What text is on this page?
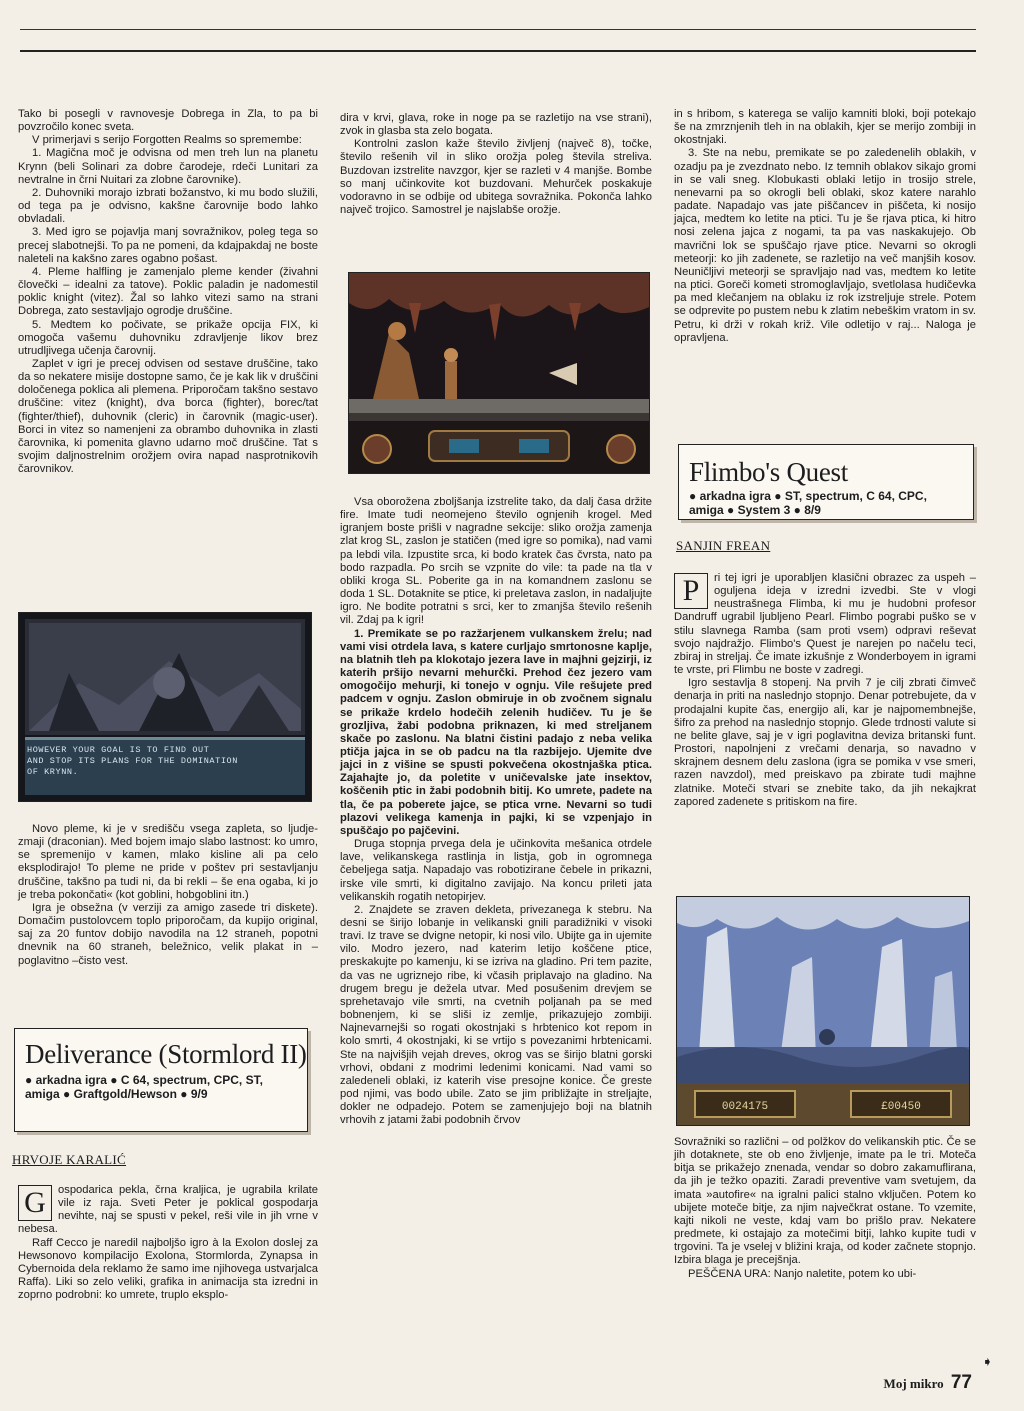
Tako bi posegli v ravnovesje Dobrega in Zla, to pa bi povzročilo konec sveta.

V primerjavi s serijo Forgotten Realms so spremembe:

1. Magična moč je odvisna od men treh lun na planetu Krynn (beli Solinari za dobre čarodeje, rdeči Lunitari za nevtralne in črni Nuitari za zlobne čarovnike).

2. Duhovniki morajo izbrati božanstvo, ki mu bodo služili, od tega pa je odvisno, kakšne čarovnije bodo lahko obvladali.

3. Med igro se pojavlja manj sovražnikov, poleg tega so precej slabotnejši. To pa ne pomeni, da kdajpakdaj ne boste naleteli na kakšno zares ogabno pošast.

4. Pleme halfling je zamenjalo pleme kender (živahni človečki – idealni za tatove). Poklic paladin je nadomestil poklic knight (vitez). Žal so lahko vitezi samo na strani Dobrega, zato sestavljajo ogrodje druščine.

5. Medtem ko počivate, se prikaže opcija FIX, ki omogoča vašemu duhovniku zdravljenje likov brez utrudljivega učenja čarovnij.

Zaplet v igri je precej odvisen od sestave druščine, tako da so nekatere misije dostopne samo, če je kak lik v druščini določenega poklica ali plemena. Priporočam takšno sestavo druščine: vitez (knight), dva borca (fighter), borec/tat (fighter/thief), duhovnik (cleric) in čarovnik (magic-user). Borci in vitez so namenjeni za obrambo duhovnika in zlasti čarovnika, ki pomenita glavno udarno moč druščine. Tat s svojim daljnostrelnim orožjem ovira napad nasprotnikovih čarovnikov.

HOWEVER YOUR GOAL IS TO FIND OUT
AND STOP ITS PLANS FOR THE DOMINATION
OF KRYNN.

Novo pleme, ki je v središču vsega zapleta, so ljudje-zmaji (draconian). Med bojem imajo slabo lastnost: ko umro, se spremenijo v kamen, mlako kisline ali pa celo eksplodirajo! To pleme ne pride v poštev pri sestavljanju druščine, takšno pa tudi ni, da bi rekli – še ena ogaba, ki jo je treba pokončati« (kot goblini, hobgoblini itn.)

Igra je obsežna (v verziji za amigo zasede tri diskete). Domačim pustolovcem toplo priporočam, da kupijo original, saj za 20 funtov dobijo navodila na 12 straneh, popotni dnevnik na 60 straneh, beležnico, velik plakat in – poglavitno –čisto vest.

Deliverance (Stormlord II)
● arkadna igra ● C 64, spectrum, CPC, ST,
amiga ● Graftgold/Hewson ● 9/9
HRVOJE KARALIĆ
G	ospodarica pekla, črna kraljica, je ugrabila krilate vile iz raja. Sveti Peter je poklical gospodarja nevihte, naj se spusti v pekel, reši vile in jih vrne v nebesa.

Raff Cecco je naredil najboljšo igro à la Exolon doslej za Hewsonovo kompilacijo Exolona, Stormlorda, Zynapsa in Cybernoida dela reklamo že samo ime njihovega ustvarjalca Raffa). Liki so zelo veliki, grafika in animacija sta izredni in zoprno podrobni: ko umrete, truplo eksplo-

dira v krvi, glava, roke in noge pa se razletijo na vse strani), zvok in glasba sta zelo bogata.

Kontrolni zaslon kaže število življenj (največ 8), točke, število rešenih vil in sliko orožja poleg števila streliva. Buzdovan izstrelite navzgor, kjer se razleti v 4 manjše. Bombe so manj učinkovite kot buzdovani. Mehurček poskakuje vodoravno in se odbije od ubitega sovražnika. Pokonča lahko največ trojico. Samostrel je najslabše orožje.

Vsa oborožena zboljšanja izstrelite tako, da dalj časa držite fire. Imate tudi neomejeno število ognjenih krogel. Med igranjem boste prišli v nagradne sekcije: sliko orožja zamenja zlat krog SL, zaslon je statičen (med igre so pomika), nad vami pa lebdi vila. Izpustite srca, ki bodo kratek čas čvrsta, nato pa bodo razpadla. Po srcih se vzpnite do vile: ta pade na tla v obliki kroga SL. Poberite ga in na komandnem zaslonu se doda 1 SL. Dotaknite se ptice, ki preletava zaslon, in nadaljujte igro. Ne bodite potratni s srci, ker to zmanjša število rešenih vil. Zdaj pa k igri!

1. Premikate se po razžarjenem vulkanskem žrelu; nad vami visi otrdela lava, s katere curljajo smrtonosne kaplje, na blatnih tleh pa klokotajo jezera lave in majhni gejzirji, iz katerih pršijo nevarni mehurčki. Prehod čez jezero vam omogočijo mehurji, ki tonejo v ognju. Vile rešujete pred padcem v ognju. Zaslon obmiruje in ob zvočnem signalu se prikaže krdelo hodečih zelenih hudičev. Tu je še grozljiva, žabi podobna priknazen, ki med streljanem skače po zaslonu. Na blatni čistini padajo z neba velika ptičja jajca in se ob padcu na tla razbijejo. Ujemite dve jajci in z višine se spusti pokvečena okostnjaška ptica. Zajahajte jo, da poletite v uničevalske jate insektov, koščenih ptic in žabi podobnih bitij. Ko umrete, padete na tla, če pa poberete jajce, se ptica vrne. Nevarni so tudi plazovi velikega kamenja in pajki, ki se vzpenjajo in spuščajo po pajčevini.

Druga stopnja prvega dela je učinkovita mešanica otrdele lave, velikanskega rastlinja in listja, gob in ogromnega čebeljega satja. Napadajo vas robotizirane čebele in prikazni, irske vile smrti, ki digitalno zavijajo. Na koncu prileti jata velikanskih rogatih netopirjev.

2. Znajdete se zraven dekleta, privezanega k stebru. Na desni se širijo lobanje in velikanski gnili paradižniki v visoki travi. Iz trave se dvigne netopir, ki nosi vilo. Ubijte ga in ujemite vilo. Modro jezero, nad katerim letijo koščene ptice, preskakujte po kamenju, ki se izriva na gladino. Pri tem pazite, da vas ne ugriznejo ribe, ki včasih priplavajo na gladino. Na drugem bregu je dežela utvar. Med posušenim drevjem se sprehetavajo vile smrti, na cvetnih poljanah pa se med bobnenjem, ki se sliši iz zemlje, prikazujejo zombiji. Najnevarnejši so rogati okostnjaki s hrbtenico kot repom in kolo smrti, 4 okostnjaki, ki se vrtijo s povezanimi hrbtenicami. Ste na najvišjih vejah dreves, okrog vas se širijo blatni gorski vrhovi, obdani z modrimi ledenimi konicami. Nad vami so zaledeneli oblaki, iz katerih vise presojne konice. Če greste pod njimi, vas bodo ubile. Zato se jim približajte in streljajte, dokler ne odpadejo. Potem se zamenjujejo boji na blatnih vrhovih z jatami žabi podobnih črvov

in s hribom, s katerega se valijo kamniti bloki, boji potekajo še na zmrznjenih tleh in na oblakih, kjer se merijo zombiji in okostnjaki.

3. Ste na nebu, premikate se po zaledenelih oblakih, v ozadju pa je zvezdnato nebo. Iz temnih oblakov sikajo gromi in se vali sneg. Klobukasti oblaki letijo in trosijo strele, nenevarni pa so okrogli beli oblaki, skoz katere narahlo padate. Napadajo vas jate piščancev in piščeta, ki nosijo jajca, medtem ko letite na ptici. Tu je še rjava ptica, ki hitro nosi zelena jajca z nogami, ta pa vas naskakujejo. Ob mavrični lok se spuščajo rjave ptice. Nevarni so okrogli meteorji: ko jih zadenete, se razletijo na več manjših kosov. Neuničljivi meteorji se spravljajo nad vas, medtem ko letite na ptici. Goreči kometi stromoglavljajo, svetlolasa hudičevka pa med klečanjem na oblaku iz rok izstreljuje strele. Potem se odprevite po pustem nebu k zlatim nebeškim vratom in sv. Petru, ki drži v rokah križ. Vile odletijo v raj... Naloga je opravljena.

Flimbo's Quest
● arkadna igra ● ST, spectrum, C 64, CPC,
amiga ● System 3 ● 8/9
SANJIN FREAN
P	ri tej igri je uporabljen klasični obrazec za uspeh – ogulјena ideja v izredni izvedbi. Ste v vlogi neustrašnega Flimba, ki mu je hudobni profesor Dandruff ugrabil ljubljeno Pearl. Flimbo pograbi puško se v stilu slavnega Ramba (sam proti vsem) odpravi reševat svojo najdražjo. Flimbo's Quest je narejen po načelu teci, zbiraj in streljaj. Če imate izkušnje z Wonderboyem in igrami te vrste, pri Flimbu ne boste v zadregi.

Igro sestavlja 8 stopenj. Na prvih 7 je cilj zbrati čimveč denarja in priti na naslednjo stopnjo. Denar potrebujete, da v prodajalni kupite čas, energijo ali, kar je najpomembnejše, šifro za prehod na naslednjo stopnjo. Glede trdnosti valute si ne belite glave, saj je v igri poglavitna deviza britanski funt. Prostori, napolnjeni z vrečami denarja, so navadno v skrajnem desnem delu zaslona (igra se pomika v vse smeri, razen navzdol), med preiskavo pa zbirate tudi majhne zlatnike. Moteči stvari se znebite tako, da jih nekajkrat zapored zadenete s pritiskom na fire.

0024175	£00450

Sovražniki so različni – od polžkov do velikanskih ptic. Če se jih dotaknete, ste ob eno življenje, imate pa le tri. Moteča bitja se prikažejo znenada, vendar so dobro zakamuflirana, da jih je težko opaziti. Zaradi preventive vam svetujem, da imata »autofire« na igralni palici stalno vključen. Potem ko ubijete moteče bitje, za njim največkrat ostane. To vzemite, kajti nikoli ne veste, kdaj vam bo prišlo prav. Nekatere predmete, ki ostajajo za motečimi bitji, lahko kupite tudi v trgovini. Ta je vselej v bližini kraja, od koder začnete stopnjo. Izbira blaga je precejšnja.

PEŠČENA URA: Nanjo naletite, potem ko ubi-

➧
Moj mikro 77
